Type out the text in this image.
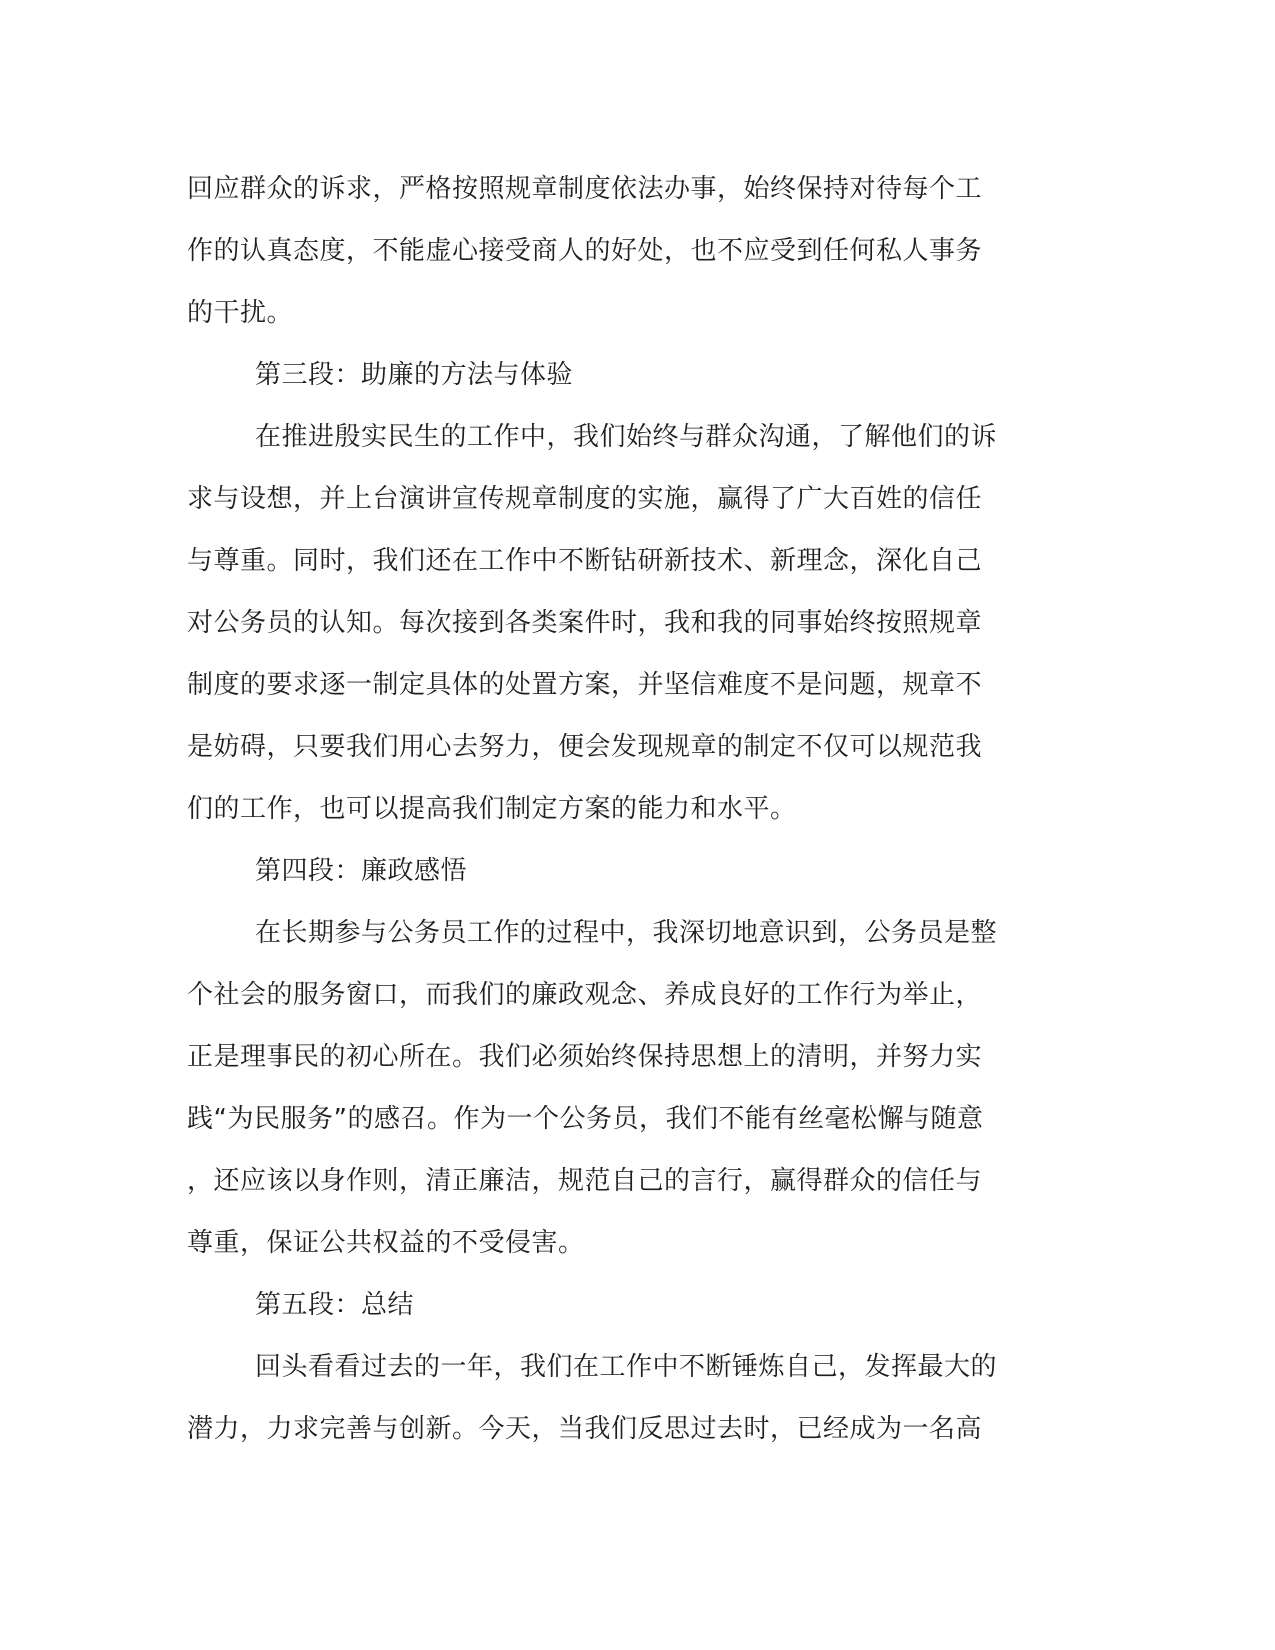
回应群众的诉求，严格按照规章制度依法办事，始终保持对待每个工

作的认真态度，不能虚心接受商人的好处，也不应受到任何私人事务

的干扰。

第三段：助廉的方法与体验

在推进殷实民生的工作中，我们始终与群众沟通，了解他们的诉

求与设想，并上台演讲宣传规章制度的实施，赢得了广大百姓的信任

与尊重。同时，我们还在工作中不断钻研新技术、新理念，深化自己

对公务员的认知。每次接到各类案件时，我和我的同事始终按照规章

制度的要求逐一制定具体的处置方案，并坚信难度不是问题，规章不

是妨碍，只要我们用心去努力，便会发现规章的制定不仅可以规范我

们的工作，也可以提高我们制定方案的能力和水平。

第四段：廉政感悟

在长期参与公务员工作的过程中，我深切地意识到，公务员是整

个社会的服务窗口，而我们的廉政观念、养成良好的工作行为举止，

正是理事民的初心所在。我们必须始终保持思想上的清明，并努力实

践“为民服务”的感召。作为一个公务员，我们不能有丝毫松懈与随意

，还应该以身作则，清正廉洁，规范自己的言行，赢得群众的信任与

尊重，保证公共权益的不受侵害。

第五段：总结

回头看看过去的一年，我们在工作中不断锤炼自己，发挥最大的

潜力，力求完善与创新。今天，当我们反思过去时，已经成为一名高
